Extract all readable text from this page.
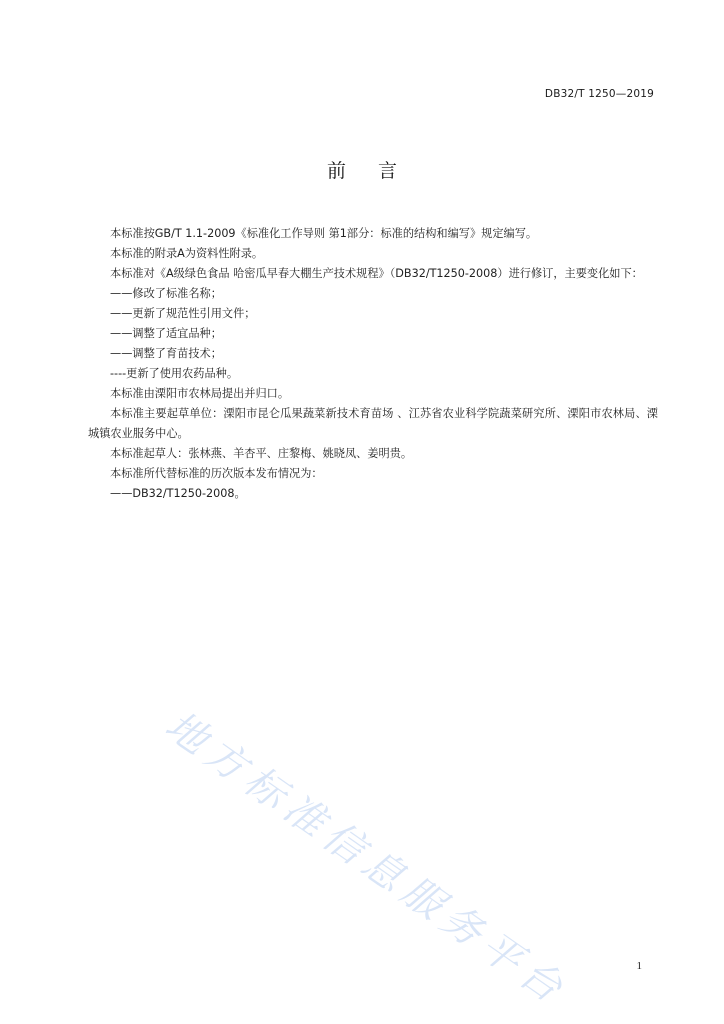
DB32/T 1250—2019
前言

本标准按GB/T 1.1-2009《标准化工作导则 第1部分：标准的结构和编写》规定编写。

本标准的附录A为资料性附录。

本标准对《A级绿色食品 哈密瓜早春大棚生产技术规程》（DB32/T1250-2008）进行修订，主要变化如下：

——修改了标准名称；

——更新了规范性引用文件；

——调整了适宜品种；

——调整了育苗技术；

----更新了使用农药品种。

本标准由溧阳市农林局提出并归口。

本标准主要起草单位：溧阳市昆仑瓜果蔬菜新技术育苗场 、江苏省农业科学院蔬菜研究所、溧阳市农林局、溧城镇农业服务中心。

本标准起草人：张林燕、羊杏平、庄黎梅、姚晓凤、姜明贵。

本标准所代替标准的历次版本发布情况为：

——DB32/T1250-2008。

地方标准信息服务平台	1
